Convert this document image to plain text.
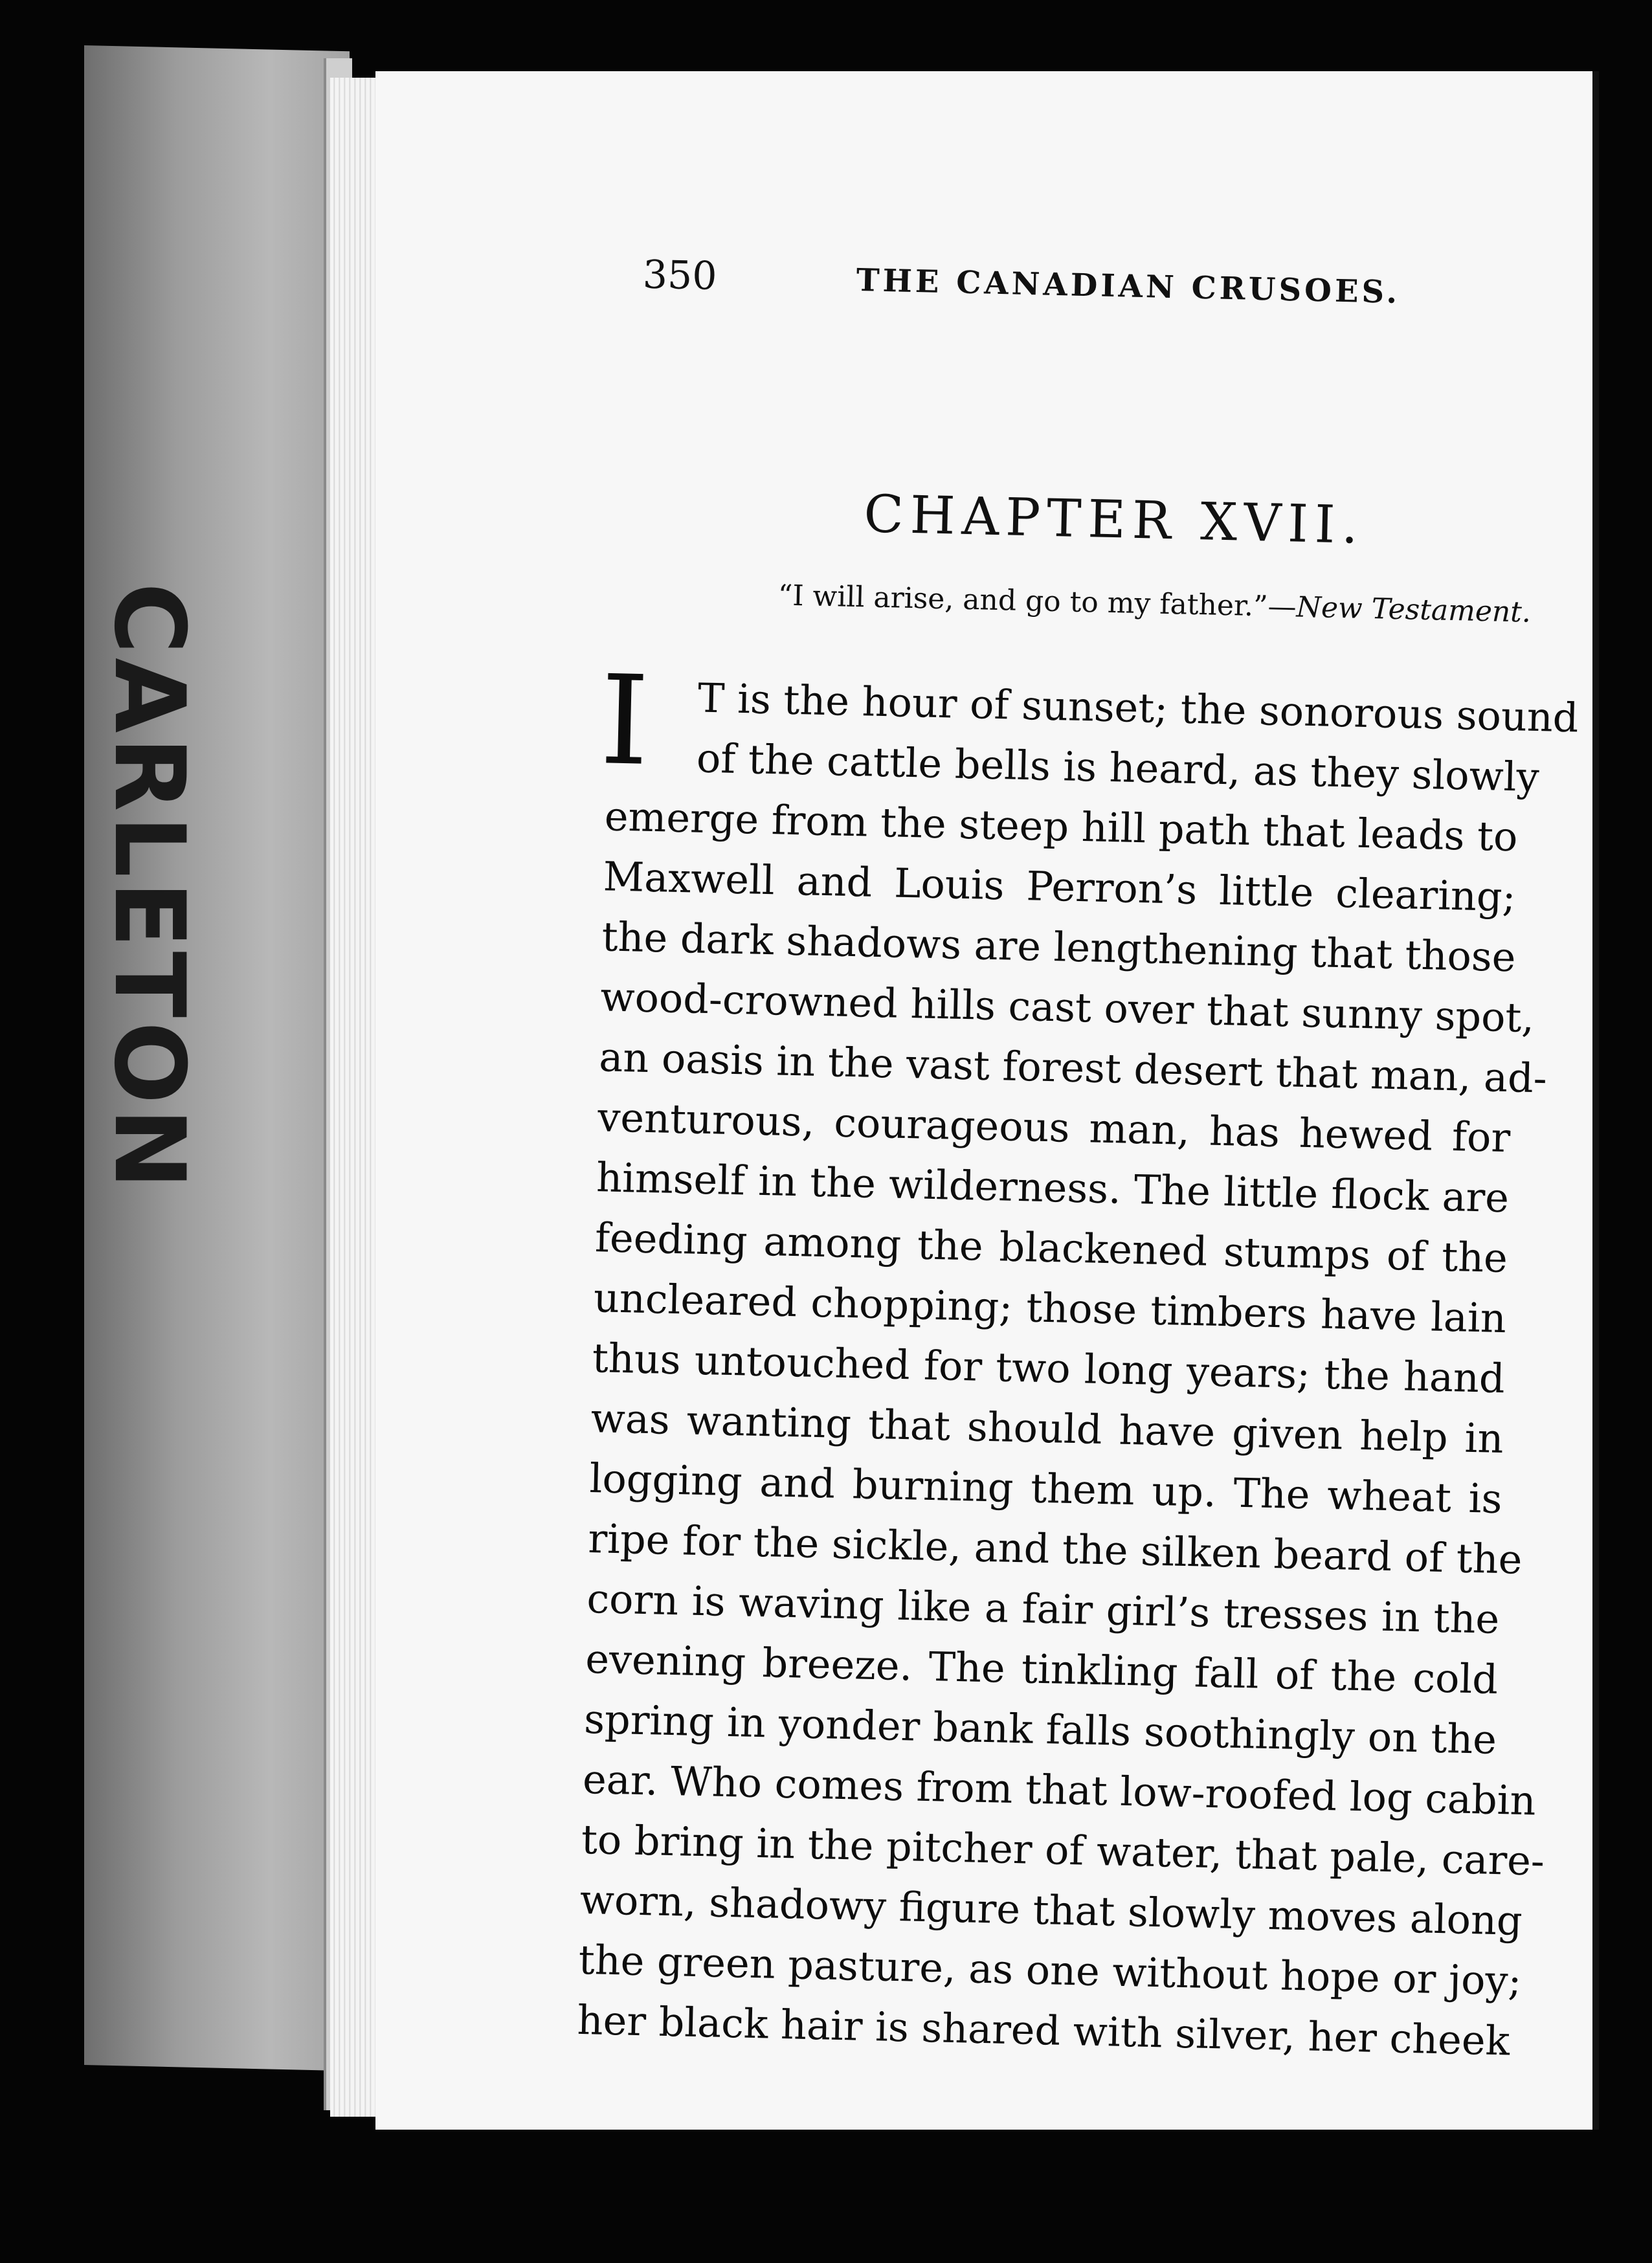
CARLETON
350	THE CANADIAN CRUSOES.
CHAPTER XVII.
“I will arise, and go to my father.”—New Testament.
I	T is the hour of sunset; the sonorous sound
of the cattle bells is heard, as they slowly
emerge from the steep hill path that leads to
Maxwell and Louis Perron’s little clearing;
the dark shadows are lengthening that those
wood-crowned hills cast over that sunny spot,
an oasis in the vast forest desert that man, ad-
venturous, courageous man, has hewed for
himself in the wilderness. The little flock are
feeding among the blackened stumps of the
uncleared chopping; those timbers have lain
thus untouched for two long years; the hand
was wanting that should have given help in
logging and burning them up. The wheat is
ripe for the sickle, and the silken beard of the
corn is waving like a fair girl’s tresses in the
evening breeze. The tinkling fall of the cold
spring in yonder bank falls soothingly on the
ear. Who comes from that low-roofed log cabin
to bring in the pitcher of water, that pale, care-
worn, shadowy figure that slowly moves along
the green pasture, as one without hope or joy;
her black hair is shared with silver, her cheek
